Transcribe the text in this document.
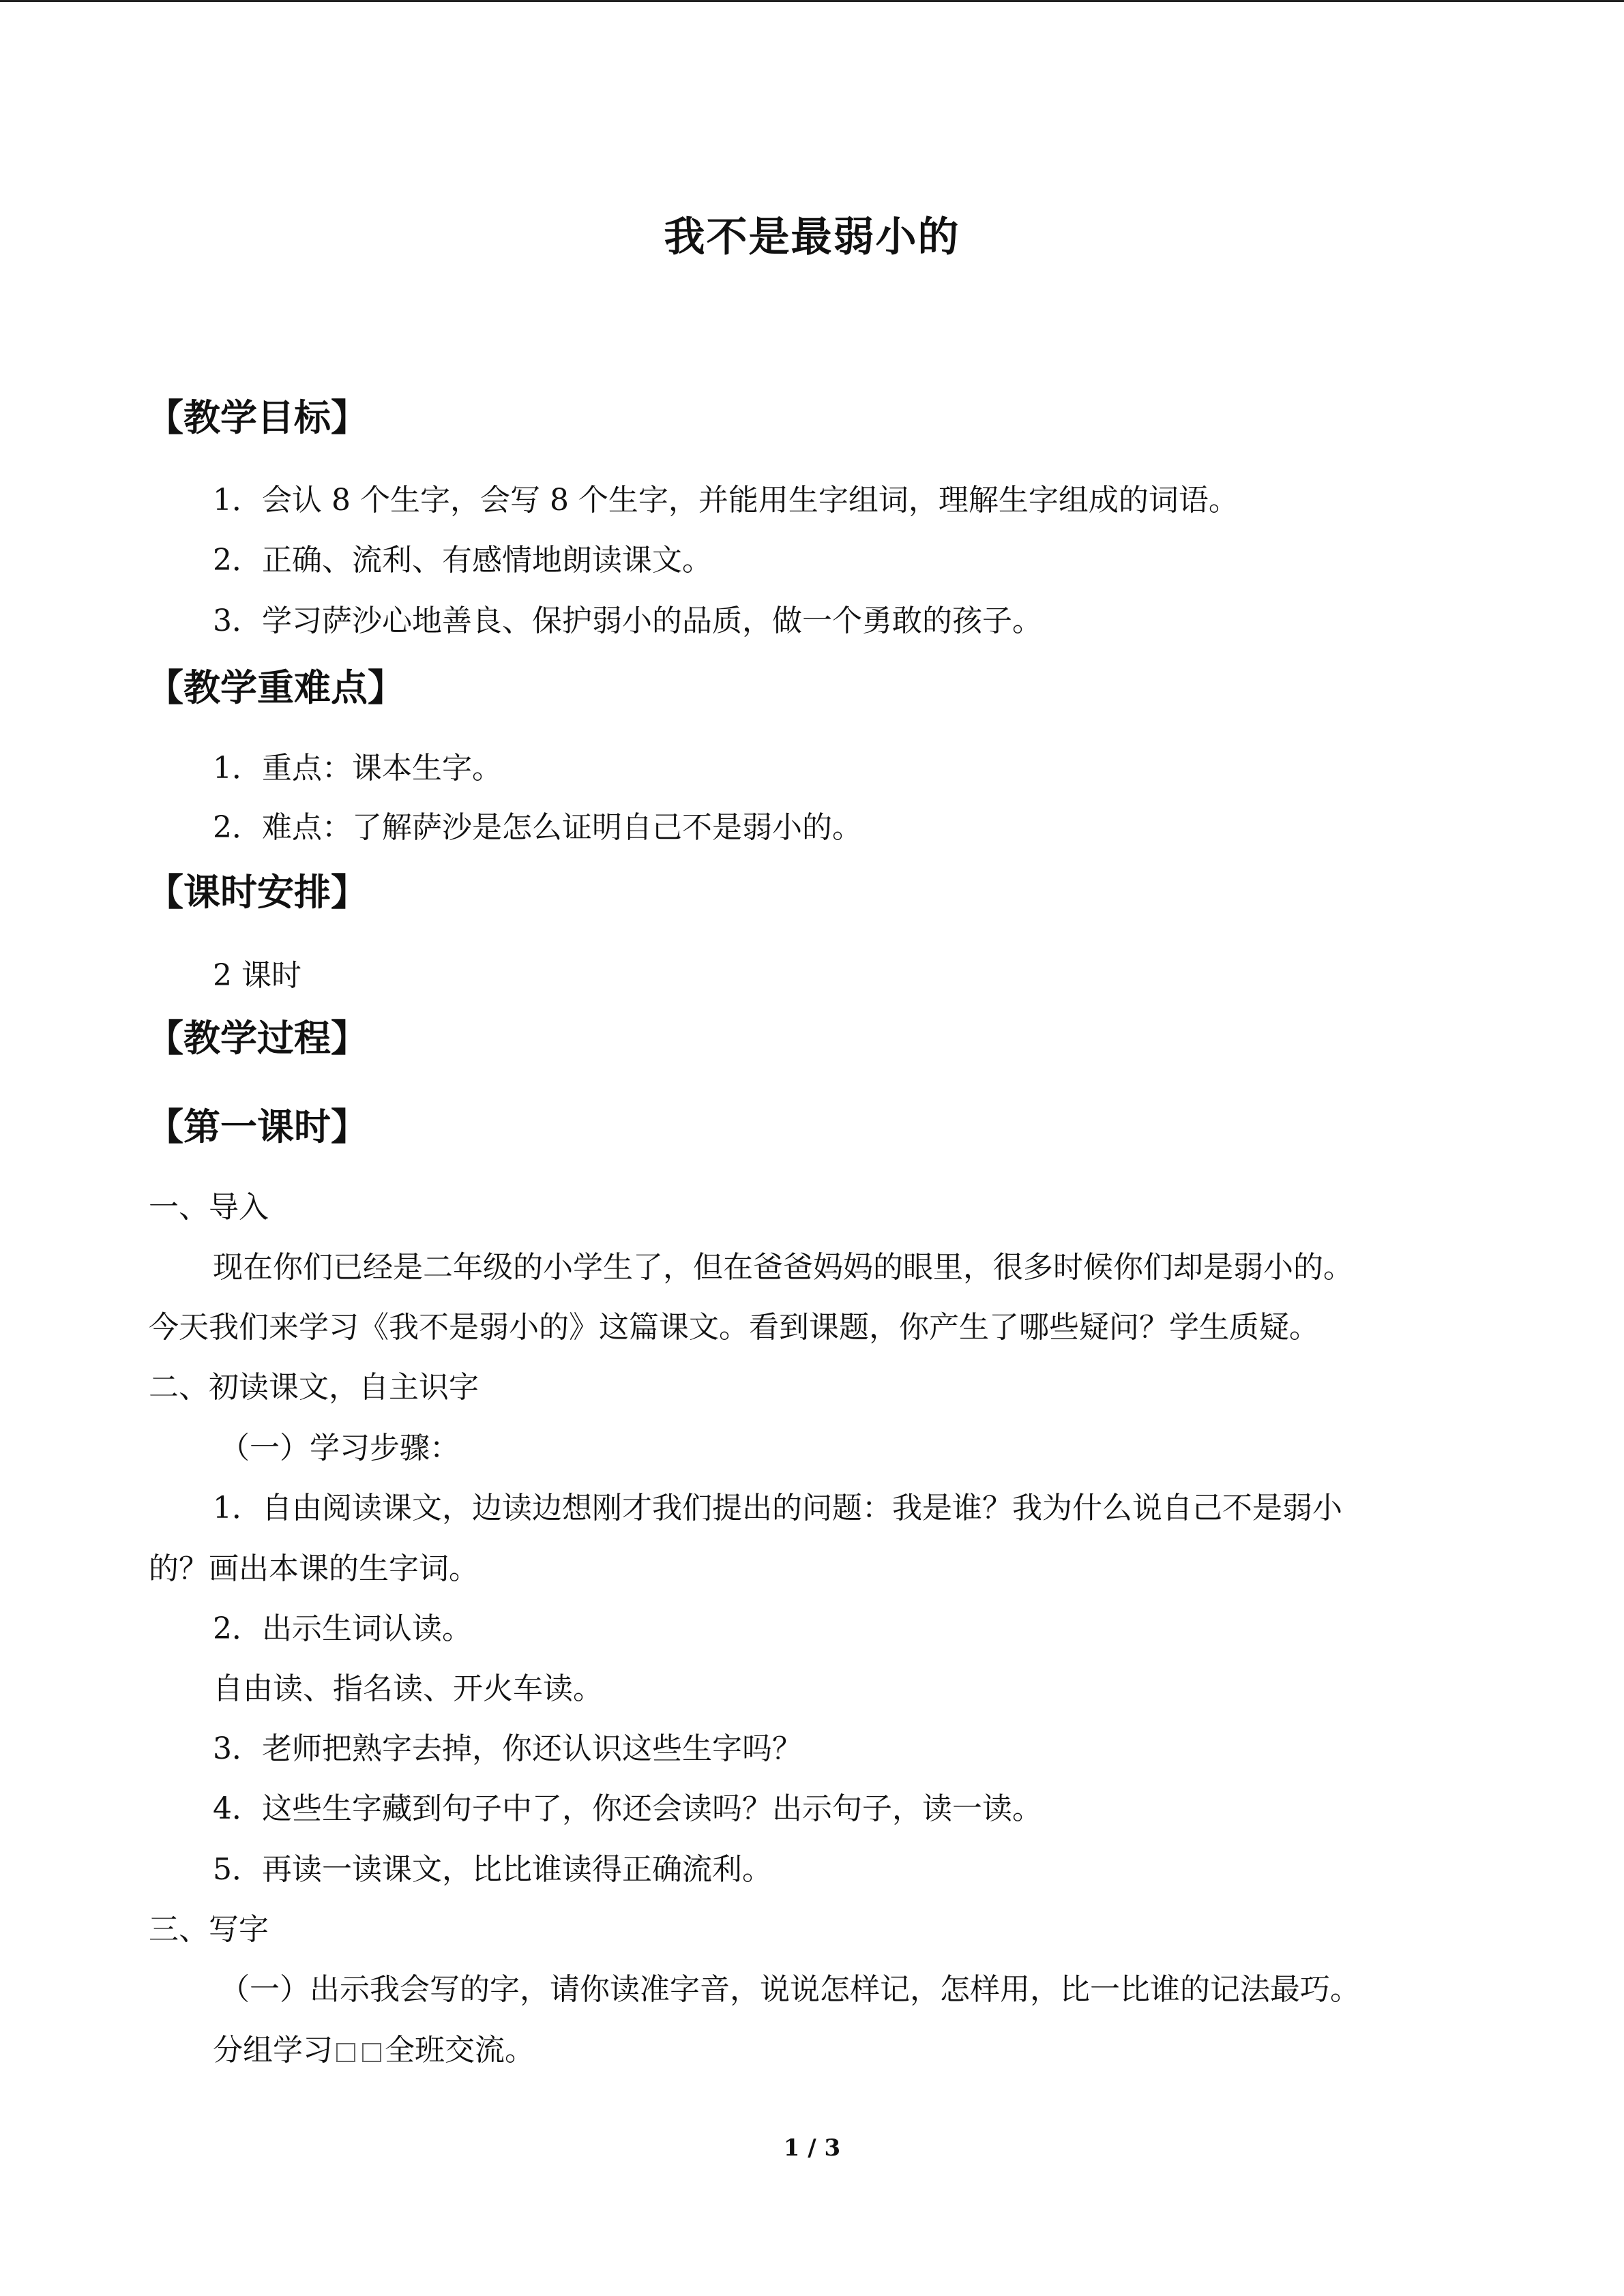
我不是最弱小的
【教学目标】
1．会认 8 个生字，会写 8 个生字，并能用生字组词，理解生字组成的词语。
2．正确、流利、有感情地朗读课文。
3．学习萨沙心地善良、保护弱小的品质，做一个勇敢的孩子。
【教学重难点】
1．重点：课本生字。
2．难点：了解萨沙是怎么证明自己不是弱小的。
【课时安排】
2 课时
【教学过程】
【第一课时】
一、导入
现在你们已经是二年级的小学生了，但在爸爸妈妈的眼里，很多时候你们却是弱小的。
今天我们来学习《我不是弱小的》这篇课文。看到课题，你产生了哪些疑问？学生质疑。
二、初读课文，自主识字
（一）学习步骤：
1．自由阅读课文，边读边想刚才我们提出的问题：我是谁？我为什么说自己不是弱小
的？画出本课的生字词。
2．出示生词认读。
自由读、指名读、开火车读。
3．老师把熟字去掉，你还认识这些生字吗？
4．这些生字藏到句子中了，你还会读吗？出示句子，读一读。
5．再读一读课文，比比谁读得正确流利。
三、写字
（一）出示我会写的字，请你读准字音，说说怎样记，怎样用，比一比谁的记法最巧。
分组学习 全班交流。
1 / 3
